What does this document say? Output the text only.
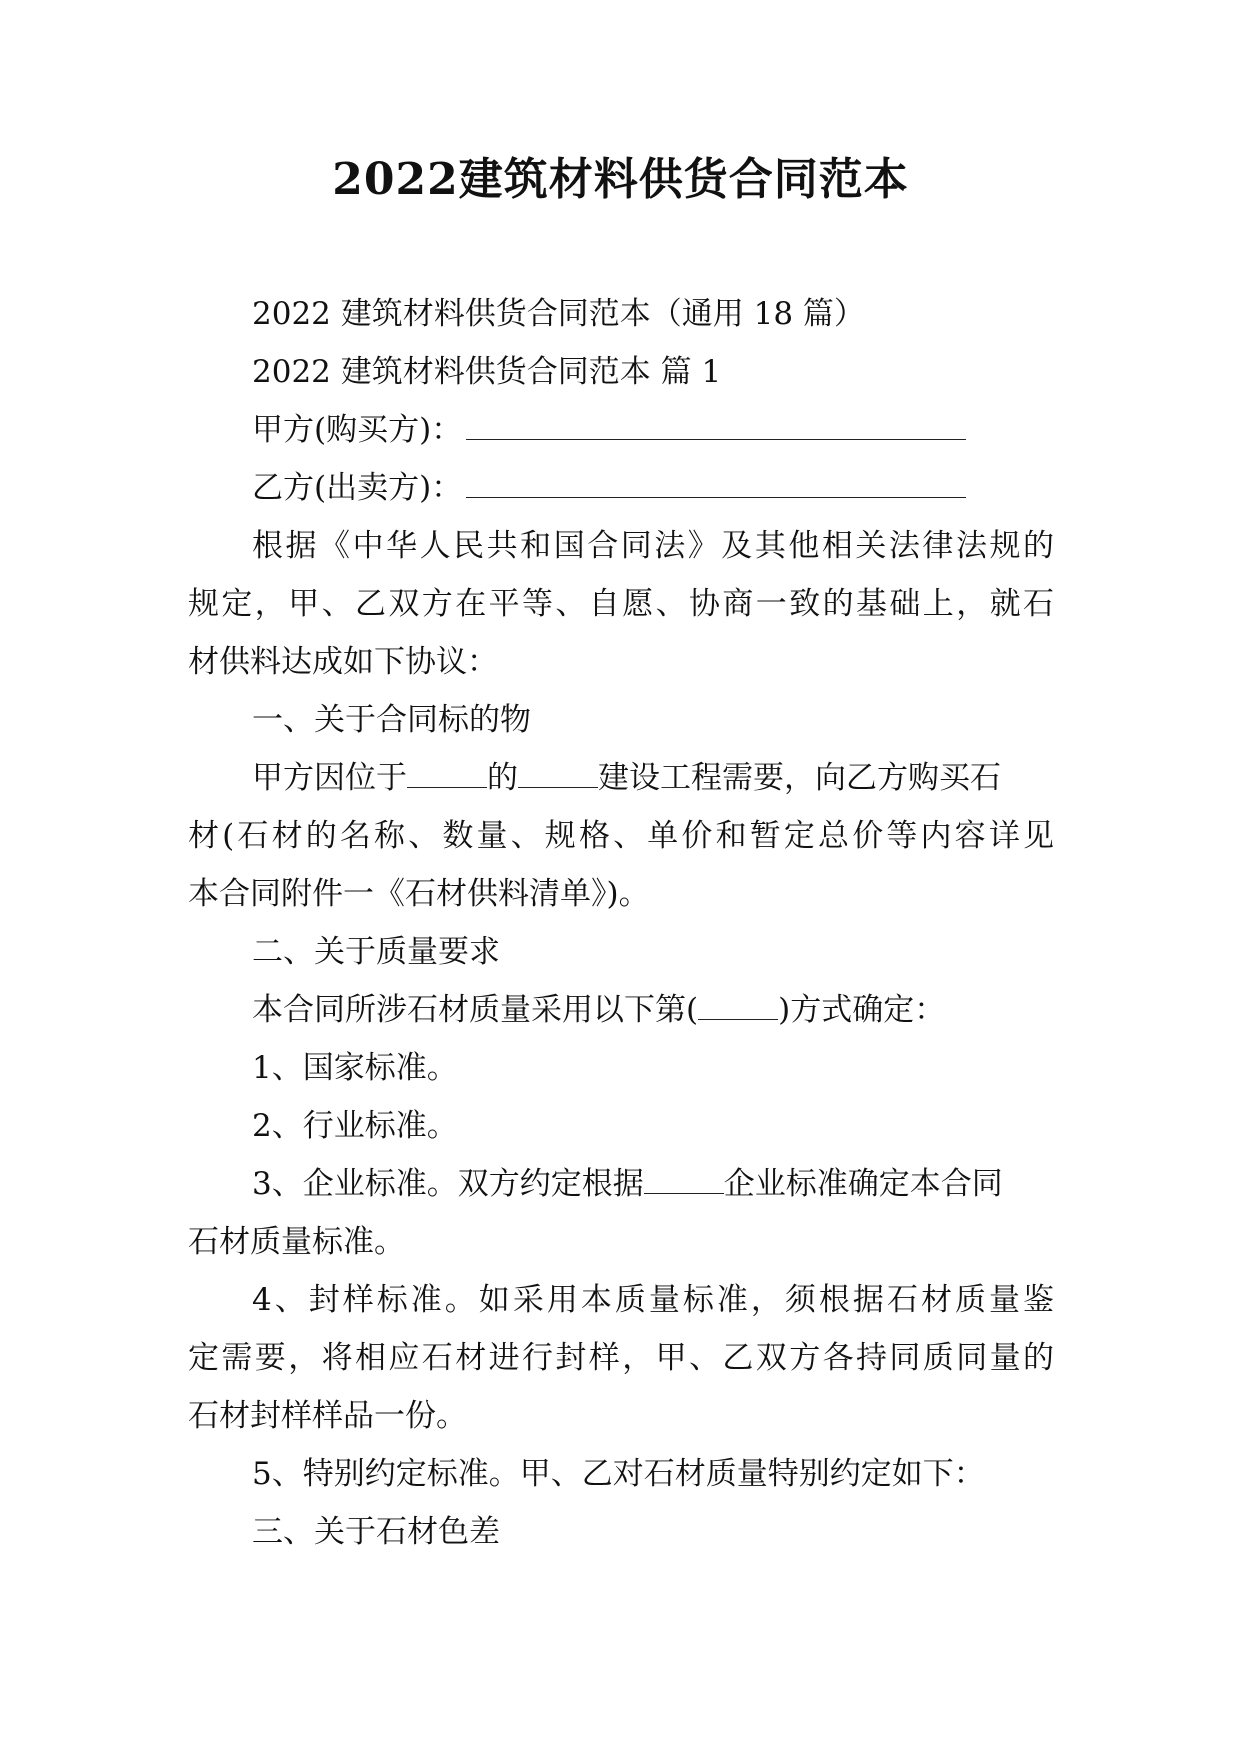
2022建筑材料供货合同范本
2022 建筑材料供货合同范本（通用 18 篇）
2022 建筑材料供货合同范本 篇 1
甲方(购买方)：
乙方(出卖方)：
根据《中华人民共和国合同法》及其他相关法律法规的
规定，甲、乙双方在平等、自愿、协商一致的基础上，就石
材供料达成如下协议：
一、关于合同标的物
甲方因位于	的	建设工程需要，向乙方购买石
材(石材的名称、数量、规格、单价和暂定总价等内容详见
本合同附件一《石材供料清单》)。
二、关于质量要求
本合同所涉石材质量采用以下第(	)方式确定：
1、国家标准。
2、行业标准。
3、企业标准。双方约定根据	企业标准确定本合同
石材质量标准。
4、封样标准。如采用本质量标准，须根据石材质量鉴
定需要，将相应石材进行封样，甲、乙双方各持同质同量的
石材封样样品一份。
5、特别约定标准。甲、乙对石材质量特别约定如下：
三、关于石材色差
